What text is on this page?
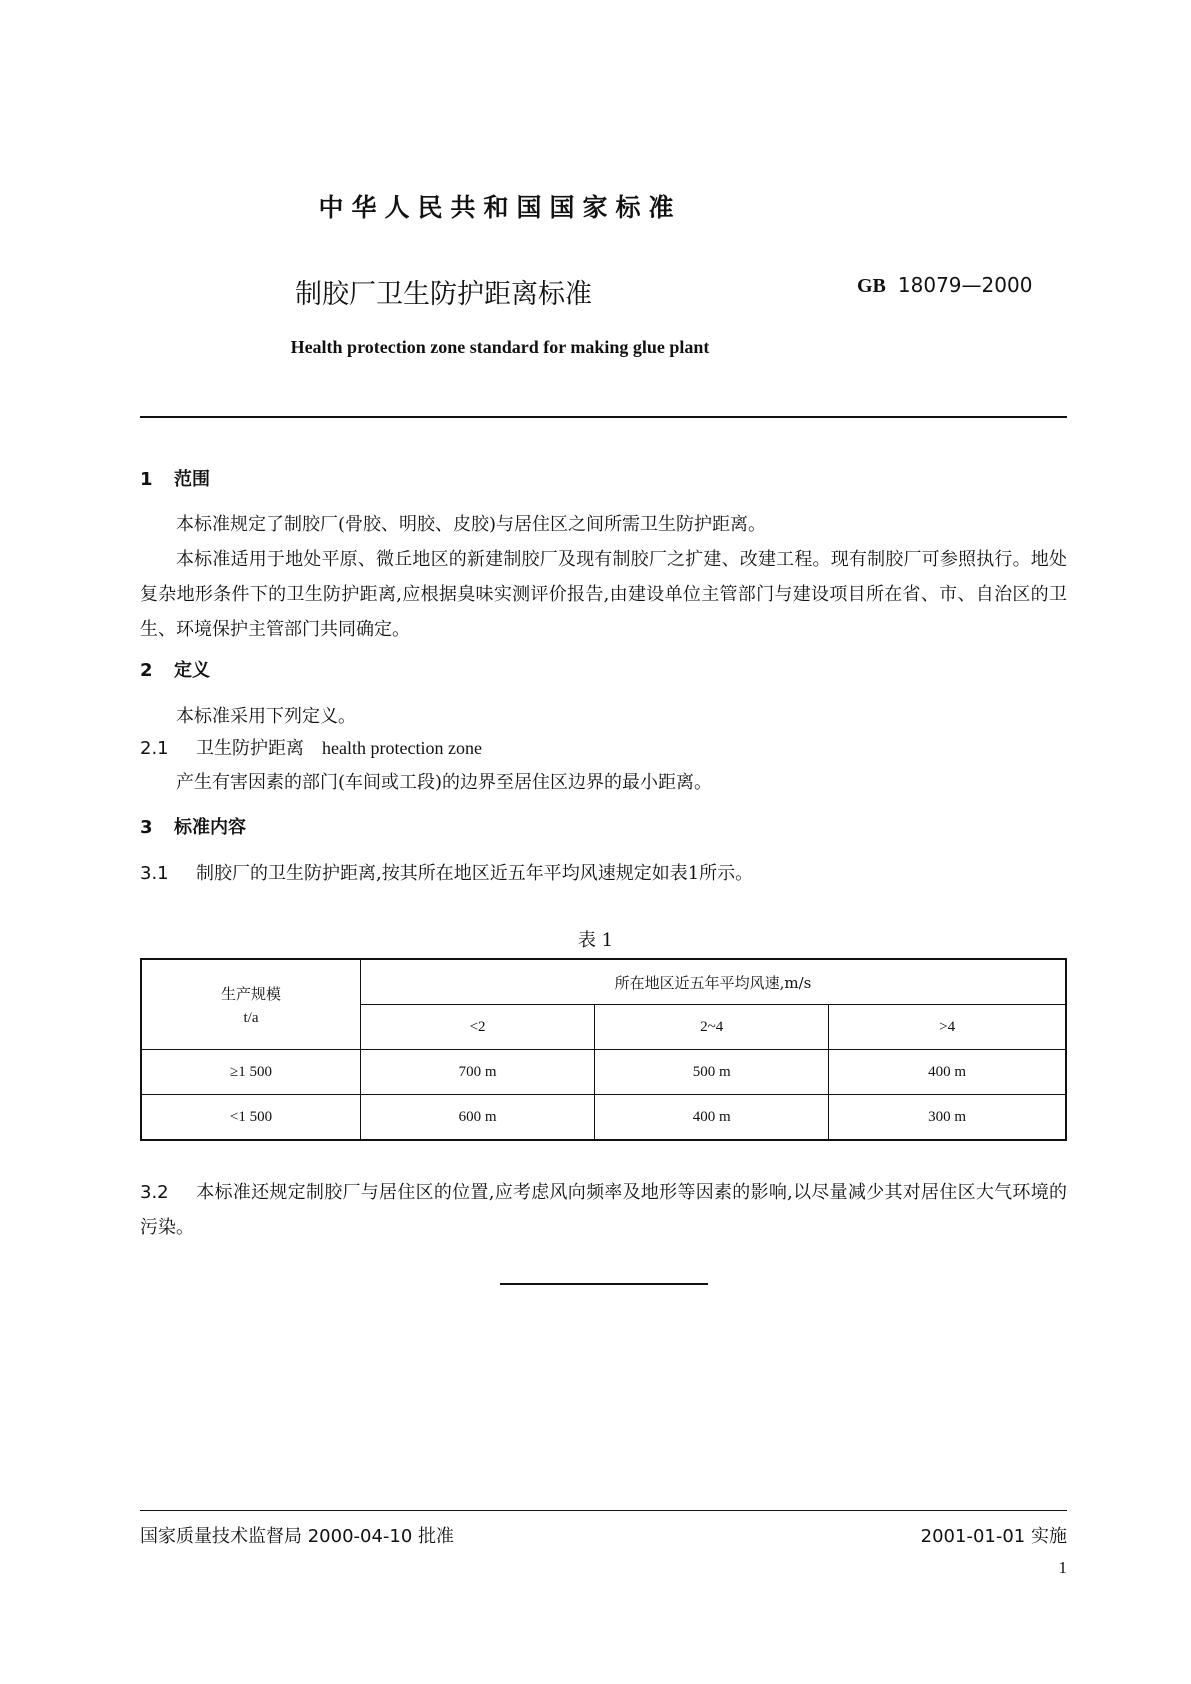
中华人民共和国国家标准
制胶厂卫生防护距离标准	GB 18079—2000
Health protection zone standard for making glue plant
1 范围
本标准规定了制胶厂(骨胶、明胶、皮胶)与居住区之间所需卫生防护距离。
本标准适用于地处平原、微丘地区的新建制胶厂及现有制胶厂之扩建、改建工程。现有制胶厂可参照执行。地处复杂地形条件下的卫生防护距离,应根据臭味实测评价报告,由建设单位主管部门与建设项目所在省、市、自治区的卫生、环境保护主管部门共同确定。
2 定义
本标准采用下列定义。
2.1 卫生防护距离 health protection zone
产生有害因素的部门(车间或工段)的边界至居住区边界的最小距离。
3 标准内容
3.1 制胶厂的卫生防护距离,按其所在地区近五年平均风速规定如表1所示。
表 1
生产规模
t/a	所在地区近五年平均风速,m/s		
	<2	2~4	>4
≥1 500	700 m	500 m	400 m
<1 500	600 m	400 m	300 m
3.2 本标准还规定制胶厂与居住区的位置,应考虑风向频率及地形等因素的影响,以尽量减少其对居住区大气环境的污染。
国家质量技术监督局 2000-04-10 批准	2001-01-01 实施
1
